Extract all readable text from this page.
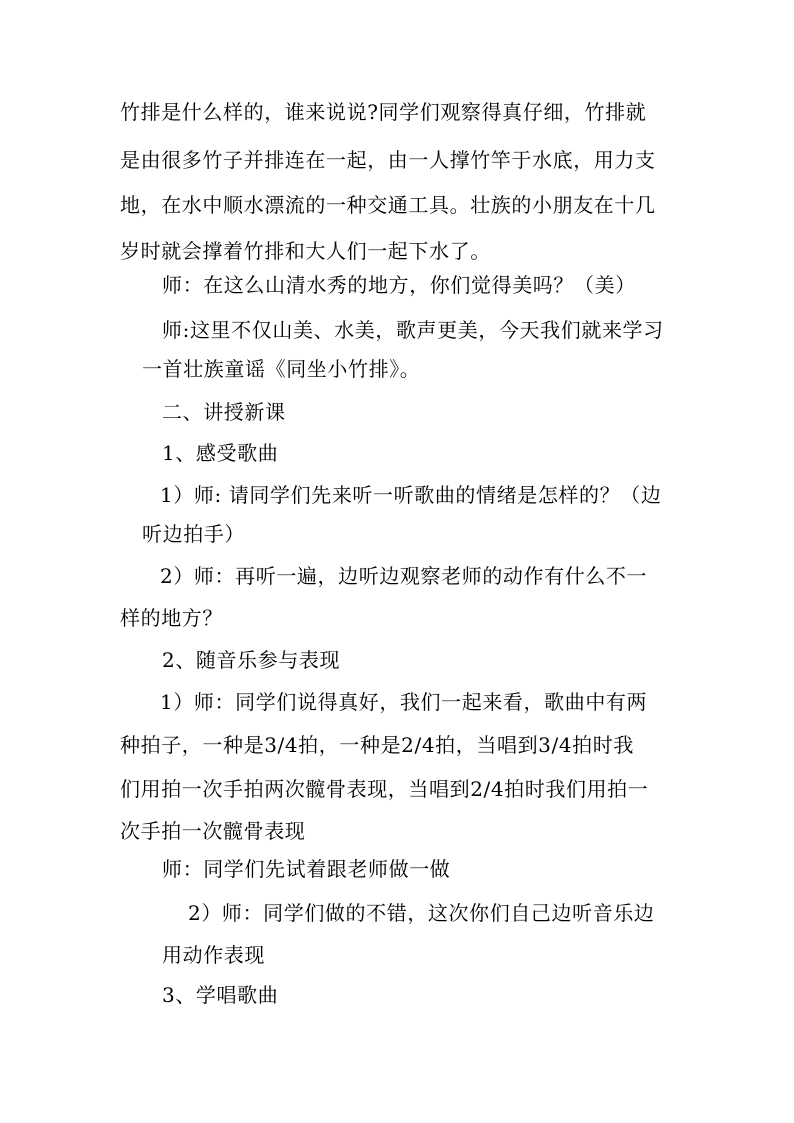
竹排是什么样的，谁来说说?同学们观察得真仔细，竹排就

是由很多竹子并排连在一起，由一人撑竹竿于水底，用力支

地，在水中顺水漂流的一种交通工具。壮族的小朋友在十几

岁时就会撑着竹排和大人们一起下水了。

师：在这么山清水秀的地方，你们觉得美吗？（美）

师:这里不仅山美、水美，歌声更美，今天我们就来学习

一首壮族童谣《同坐小竹排》。

二、讲授新课

1、感受歌曲

1）师: 请同学们先来听一听歌曲的情绪是怎样的？（边

听边拍手）

2）师：再听一遍，边听边观察老师的动作有什么不一

样的地方？

2、随音乐参与表现

1）师：同学们说得真好，我们一起来看，歌曲中有两

种拍子，一种是3/4拍，一种是2/4拍，当唱到3/4拍时我

们用拍一次手拍两次髋骨表现，当唱到2/4拍时我们用拍一

次手拍一次髋骨表现

师：同学们先试着跟老师做一做

2）师：同学们做的不错，这次你们自己边听音乐边

用动作表现

3、学唱歌曲
